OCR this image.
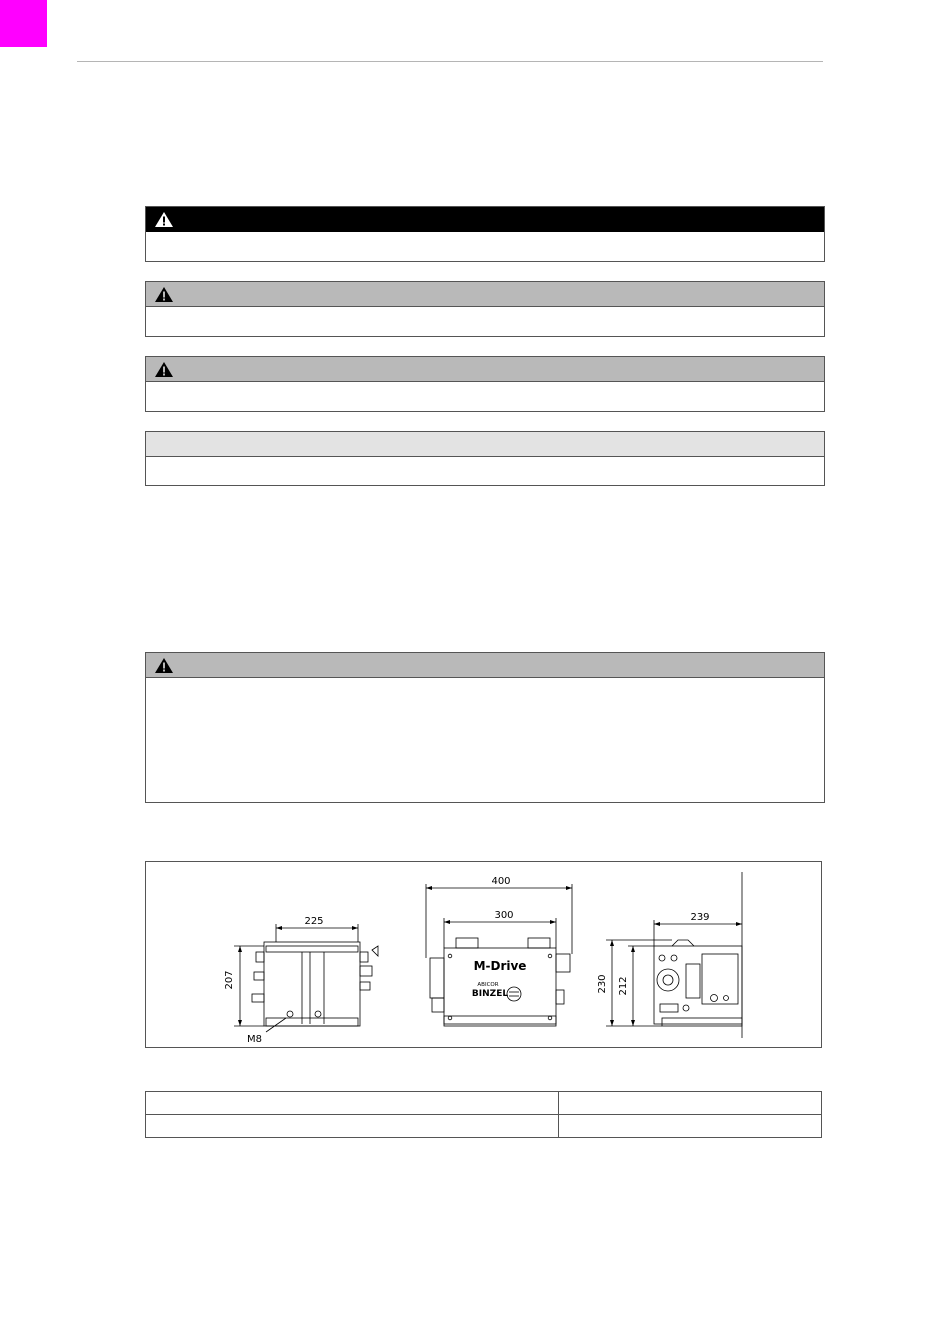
225
207
M8
M-Drive
ABICOR
BINZEL
400
300	239
230 212
